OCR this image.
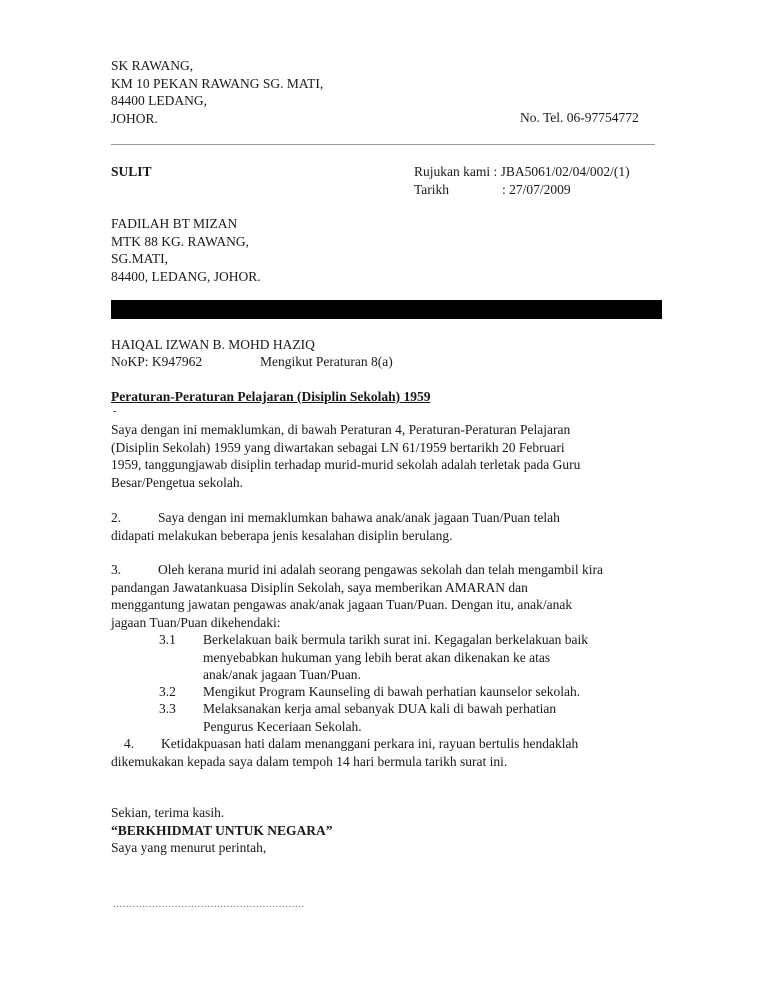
SK RAWANG,
KM 10 PEKAN RAWANG SG. MATI,
84400 LEDANG,
JOHOR.	No. Tel. 06-97754772
SULIT	Rujukan kami : JBA5061/02/04/002/(1)
Tarikh	: 27/07/2009
FADILAH BT MIZAN
MTK 88 KG. RAWANG,
SG.MATI,
84400, LEDANG, JOHOR.
HAIQAL IZWAN B. MOHD HAZIQ
NoKP: K947962	Mengikut Peraturan 8(a)
Peraturan-Peraturan Pelajaran (Disiplin Sekolah) 1959
-
Saya dengan ini memaklumkan, di bawah Peraturan 4, Peraturan-Peraturan Pelajaran
(Disiplin Sekolah) 1959 yang diwartakan sebagai LN 61/1959 bertarikh 20 Februari
1959, tanggungjawab disiplin terhadap murid-murid sekolah adalah terletak pada Guru
Besar/Pengetua sekolah.
2.	Saya dengan ini memaklumkan bahawa anak/anak jagaan Tuan/Puan telah
didapati melakukan beberapa jenis kesalahan disiplin berulang.
3.	Oleh kerana murid ini adalah seorang pengawas sekolah dan telah mengambil kira
pandangan Jawatankuasa Disiplin Sekolah, saya memberikan AMARAN dan
menggantung jawatan pengawas anak/anak jagaan Tuan/Puan. Dengan itu, anak/anak
jagaan Tuan/Puan dikehendaki:
3.1 Berkelakuan baik bermula tarikh surat ini. Kegagalan berkelakuan baik
menyebabkan hukuman yang lebih berat akan dikenakan ke atas
anak/anak jagaan Tuan/Puan.
3.2 Mengikut Program Kaunseling di bawah perhatian kaunselor sekolah.
3.3 Melaksanakan kerja amal sebanyak DUA kali di bawah perhatian
Pengurus Keceriaan Sekolah.
4. Ketidakpuasan hati dalam menanggani perkara ini, rayuan bertulis hendaklah

dikemukakan kepada saya dalam tempoh 14 hari bermula tarikh surat ini.
Sekian, terima kasih.
“BERKHIDMAT UNTUK NEGARA”
Saya yang menurut perintah,
...........................................................
